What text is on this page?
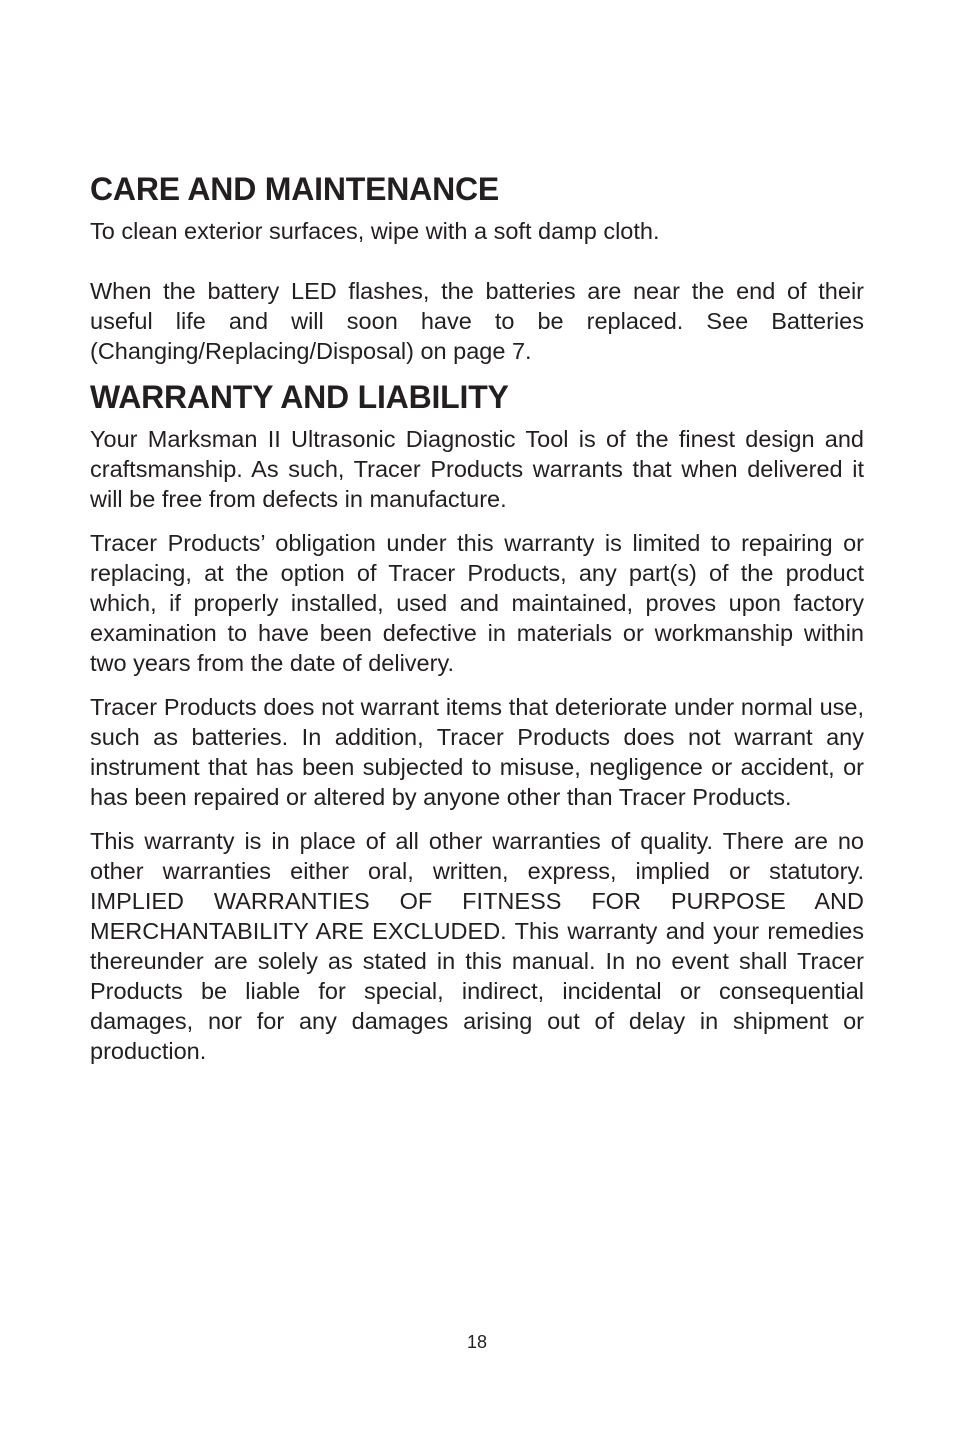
CARE AND MAINTENANCE

To clean exterior surfaces, wipe with a soft damp cloth.

When the battery LED flashes, the batteries are near the end of their useful life and will soon have to be replaced. See Batteries (Changing/Replacing/Disposal) on page 7.

WARRANTY AND LIABILITY

Your Marksman II Ultrasonic Diagnostic Tool is of the finest design and craftsmanship. As such, Tracer Products warrants that when delivered it will be free from defects in manufacture.

Tracer Products’ obligation under this warranty is limited to repairing or replacing, at the option of Tracer Products, any part(s) of the product which, if properly installed, used and maintained, proves upon factory examination to have been defective in materials or workmanship within two years from the date of delivery.

Tracer Products does not warrant items that deteriorate under normal use, such as batteries. In addition, Tracer Products does not warrant any instrument that has been subjected to misuse, negligence or accident, or has been repaired or altered by anyone other than Tracer Products.

This warranty is in place of all other warranties of quality. There are no other warranties either oral, written, express, implied or statutory. IMPLIED WARRANTIES OF FITNESS FOR PURPOSE AND MERCHANTABILITY ARE EXCLUDED. This warranty and your remedies thereunder are solely as stated in this manual. In no event shall Tracer Products be liable for special, indirect, incidental or consequential damages, nor for any damages arising out of delay in shipment or production.

18
